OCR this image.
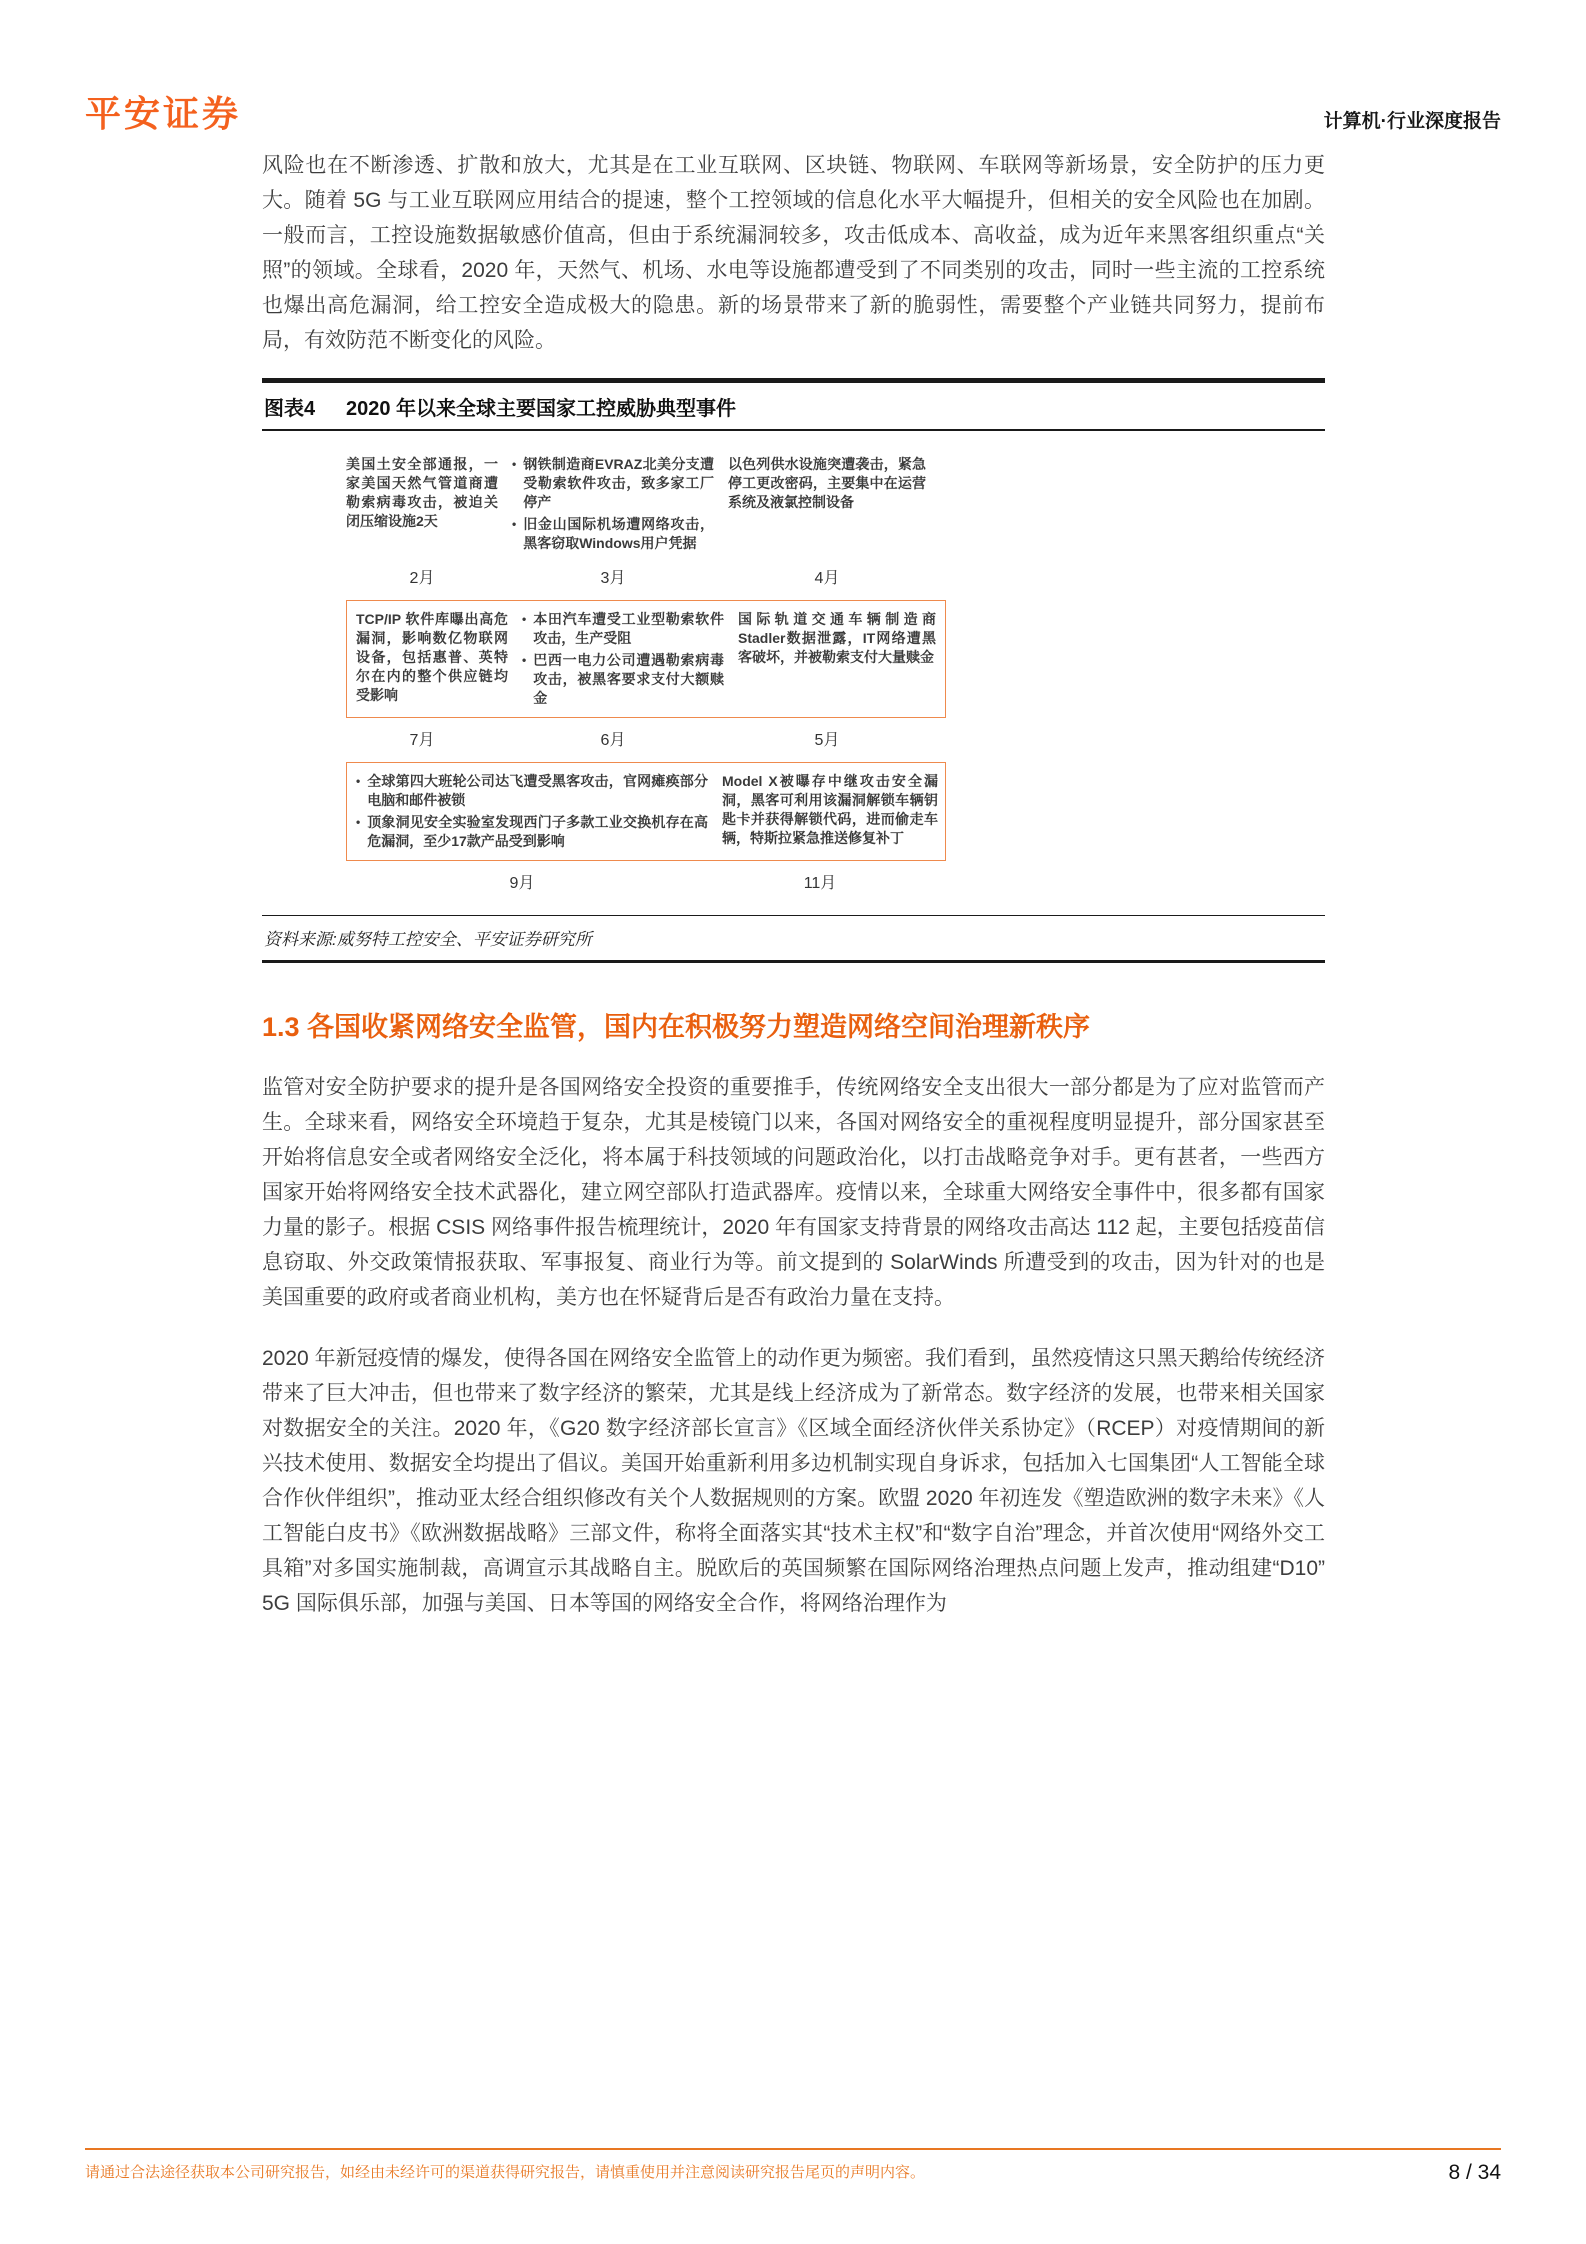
平安证券	计算机·行业深度报告

风险也在不断渗透、扩散和放大，尤其是在工业互联网、区块链、物联网、车联网等新场景，安全防护的压力更大。随着 5G 与工业互联网应用结合的提速，整个工控领域的信息化水平大幅提升，但相关的安全风险也在加剧。一般而言，工控设施数据敏感价值高，但由于系统漏洞较多，攻击低成本、高收益，成为近年来黑客组织重点“关照”的领域。全球看，2020 年，天然气、机场、水电等设施都遭受到了不同类别的攻击，同时一些主流的工控系统也爆出高危漏洞，给工控安全造成极大的隐患。新的场景带来了新的脆弱性，需要整个产业链共同努力，提前布局，有效防范不断变化的风险。

图表4	2020 年以来全球主要国家工控威胁典型事件
美国土安全部通报，一家美国天然气管道商遭勒索病毒攻击，被迫关闭压缩设施2天
• 钢铁制造商EVRAZ北美分支遭受勒索软件攻击，致多家工厂停产
• 旧金山国际机场遭网络攻击，黑客窃取Windows用户凭据
以色列供水设施突遭袭击，紧急停工更改密码，主要集中在运营系统及液氯控制设备
2月	3月	4月
TCP/IP 软件库曝出高危漏洞，影响数亿物联网设备，包括惠普、英特尔在内的整个供应链均受影响
• 本田汽车遭受工业型勒索软件攻击，生产受阻
• 巴西一电力公司遭遇勒索病毒攻击，被黑客要求支付大额赎金
国际轨道交通车辆制造商Stadler数据泄露，IT网络遭黑客破坏，并被勒索支付大量赎金
7月	6月	5月
• 全球第四大班轮公司达飞遭受黑客攻击，官网瘫痪部分电脑和邮件被锁
• 顶象洞见安全实验室发现西门子多款工业交换机存在高危漏洞，至少17款产品受到影响
Model X被曝存中继攻击安全漏洞，黑客可利用该漏洞解锁车辆钥匙卡并获得解锁代码，进而偷走车辆，特斯拉紧急推送修复补丁
9月	11月
资料来源:威努特工控安全、平安证券研究所
1.3 各国收紧网络安全监管，国内在积极努力塑造网络空间治理新秩序

监管对安全防护要求的提升是各国网络安全投资的重要推手，传统网络安全支出很大一部分都是为了应对监管而产生。全球来看，网络安全环境趋于复杂，尤其是棱镜门以来，各国对网络安全的重视程度明显提升，部分国家甚至开始将信息安全或者网络安全泛化，将本属于科技领域的问题政治化，以打击战略竞争对手。更有甚者，一些西方国家开始将网络安全技术武器化，建立网空部队打造武器库。疫情以来，全球重大网络安全事件中，很多都有国家力量的影子。根据 CSIS 网络事件报告梳理统计，2020 年有国家支持背景的网络攻击高达 112 起，主要包括疫苗信息窃取、外交政策情报获取、军事报复、商业行为等。前文提到的 SolarWinds 所遭受到的攻击，因为针对的也是美国重要的政府或者商业机构，美方也在怀疑背后是否有政治力量在支持。

2020 年新冠疫情的爆发，使得各国在网络安全监管上的动作更为频密。我们看到，虽然疫情这只黑天鹅给传统经济带来了巨大冲击，但也带来了数字经济的繁荣，尤其是线上经济成为了新常态。数字经济的发展，也带来相关国家对数据安全的关注。2020 年，《G20 数字经济部长宣言》《区域全面经济伙伴关系协定》（RCEP）对疫情期间的新兴技术使用、数据安全均提出了倡议。美国开始重新利用多边机制实现自身诉求，包括加入七国集团“人工智能全球合作伙伴组织”，推动亚太经合组织修改有关个人数据规则的方案。欧盟 2020 年初连发《塑造欧洲的数字未来》《人工智能白皮书》《欧洲数据战略》三部文件，称将全面落实其“技术主权”和“数字自治”理念，并首次使用“网络外交工具箱”对多国实施制裁，高调宣示其战略自主。脱欧后的英国频繁在国际网络治理热点问题上发声，推动组建“D10” 5G 国际俱乐部，加强与美国、日本等国的网络安全合作，将网络治理作为

请通过合法途径获取本公司研究报告，如经由未经许可的渠道获得研究报告，请慎重使用并注意阅读研究报告尾页的声明内容。	8 / 34
